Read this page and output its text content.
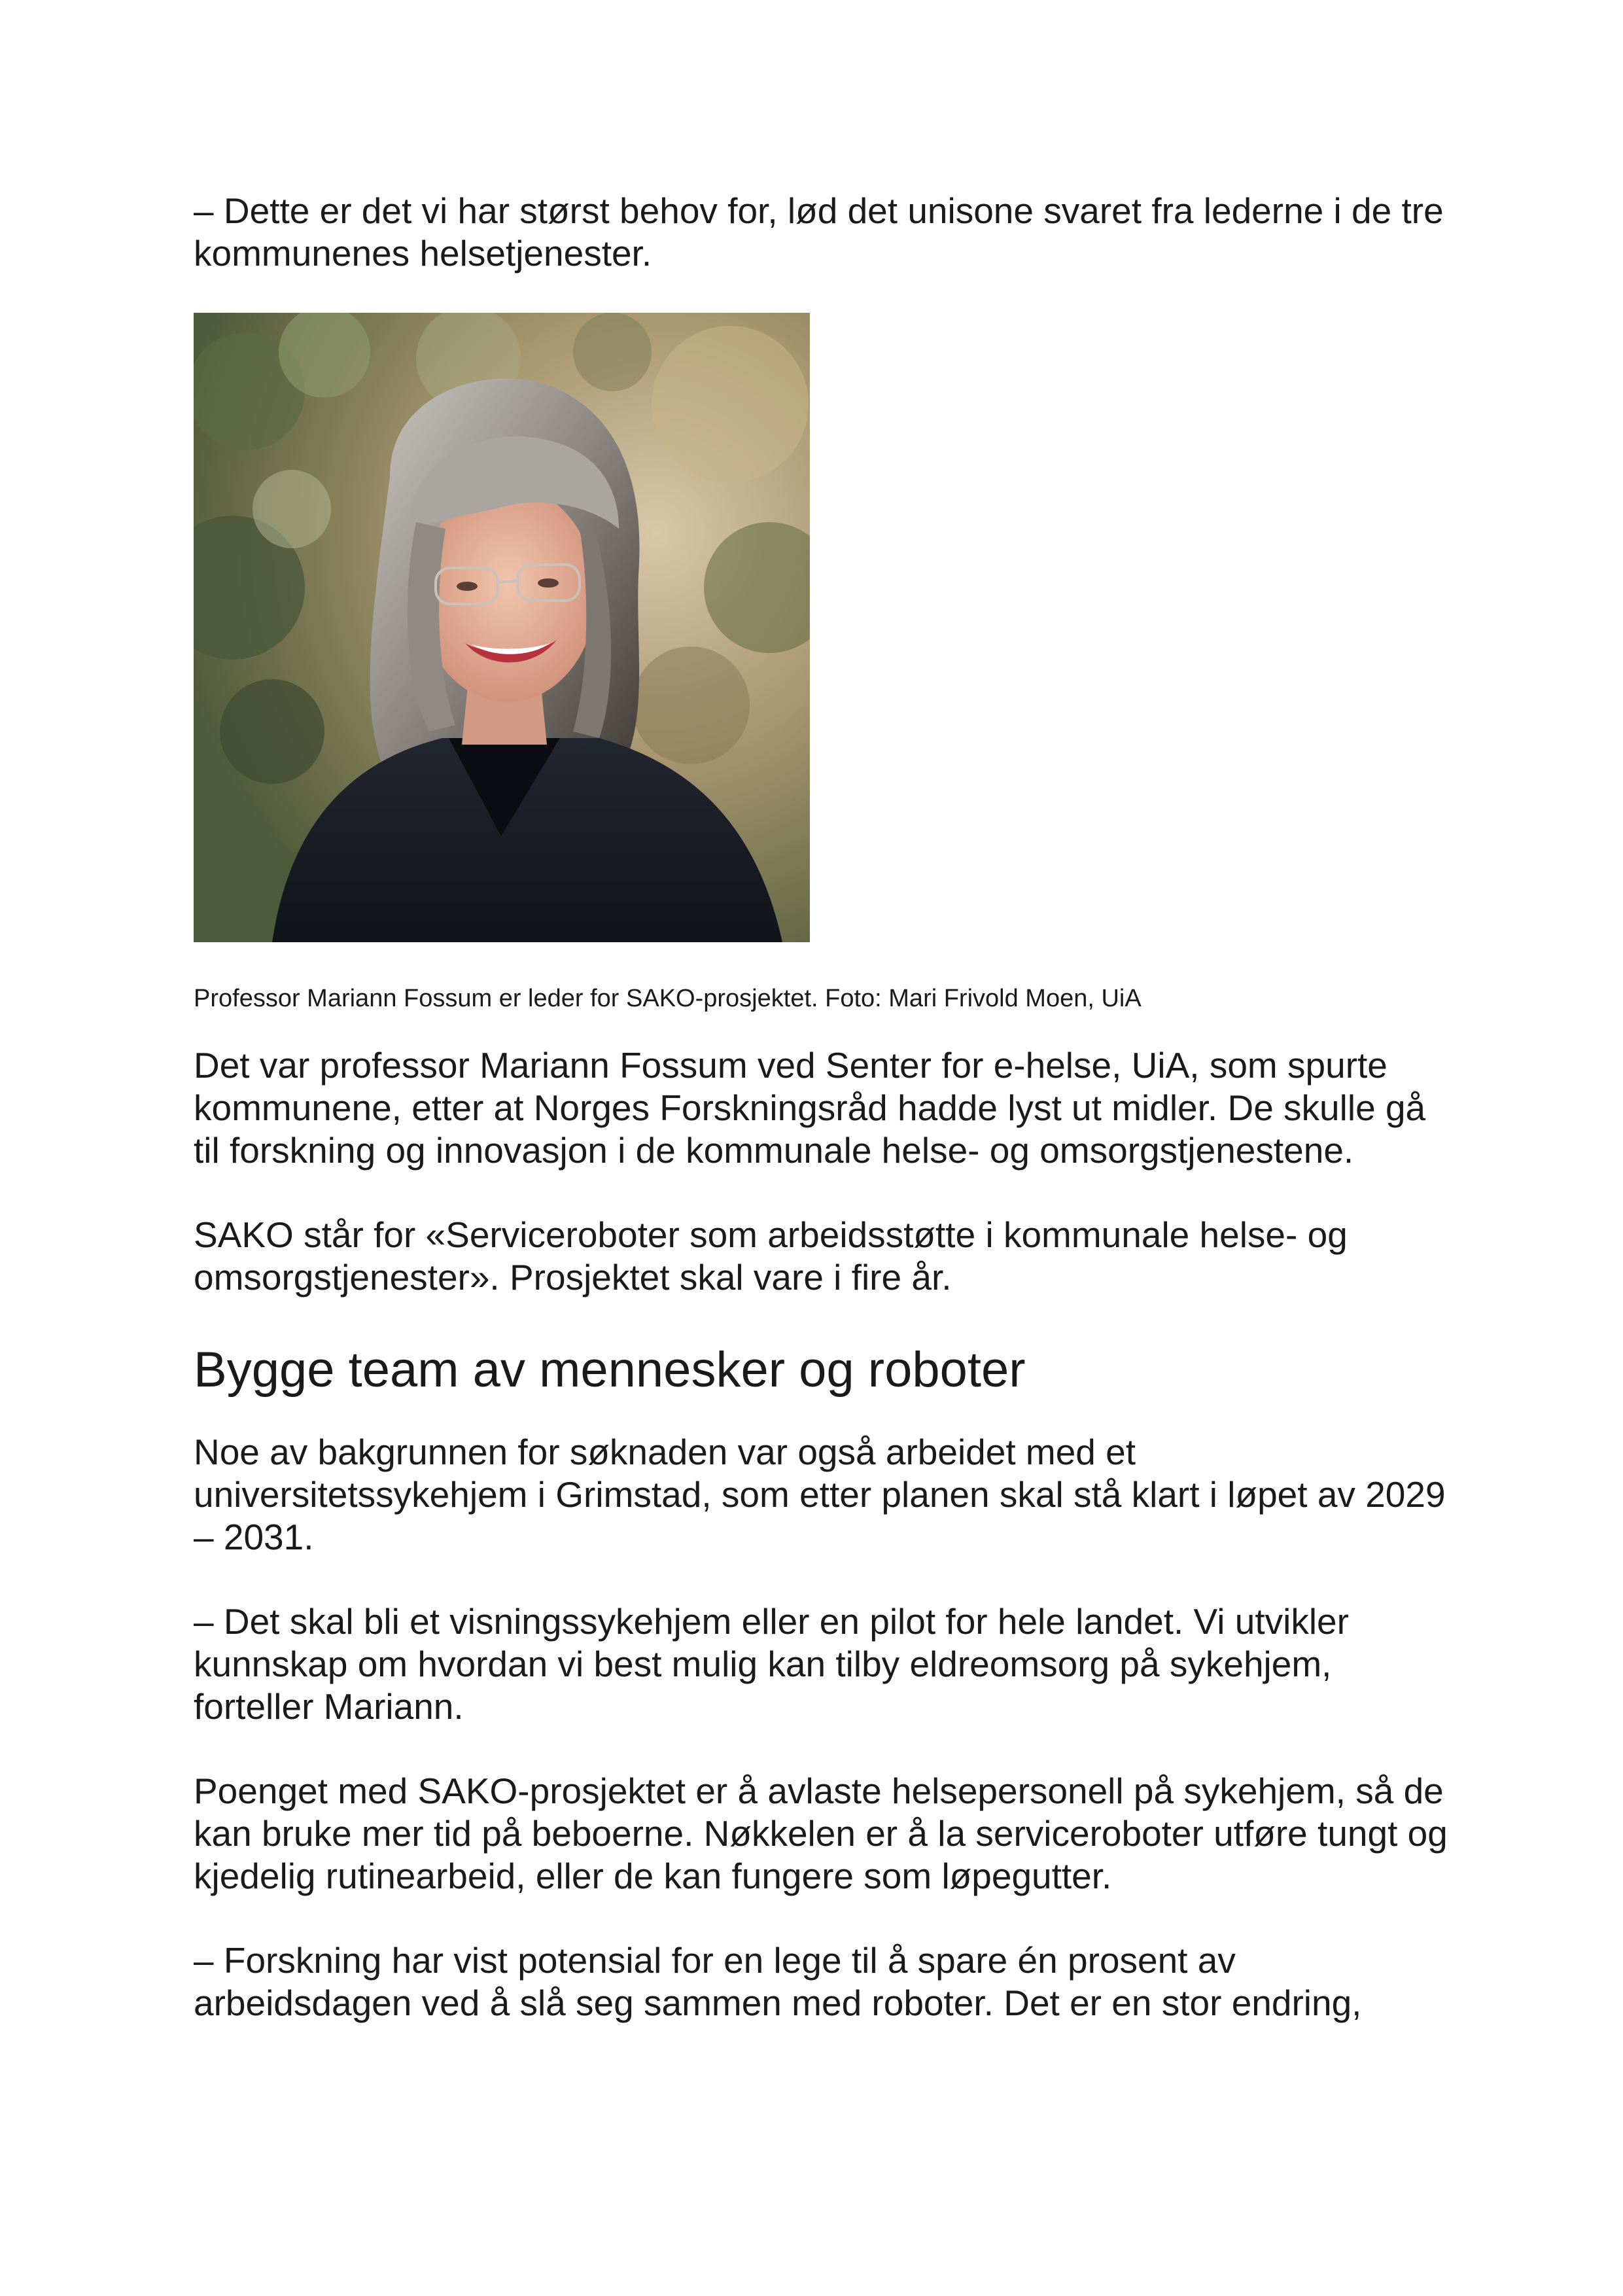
– Dette er det vi har størst behov for, lød det unisone svaret fra lederne i de tre kommunenes helsetjenester.

Professor Mariann Fossum er leder for SAKO-prosjektet. Foto: Mari Frivold Moen, UiA

Det var professor Mariann Fossum ved Senter for e-helse, UiA, som spurte kommunene, etter at Norges Forskningsråd hadde lyst ut midler. De skulle gå til forskning og innovasjon i de kommunale helse- og omsorgstjenestene.

SAKO står for «Serviceroboter som arbeidsstøtte i kommunale helse- og omsorgstjenester». Prosjektet skal vare i fire år.

Bygge team av mennesker og roboter

Noe av bakgrunnen for søknaden var også arbeidet med et universitetssykehjem i Grimstad, som etter planen skal stå klart i løpet av 2029 – 2031.

– Det skal bli et visningssykehjem eller en pilot for hele landet. Vi utvikler kunnskap om hvordan vi best mulig kan tilby eldreomsorg på sykehjem, forteller Mariann.

Poenget med SAKO-prosjektet er å avlaste helsepersonell på sykehjem, så de kan bruke mer tid på beboerne. Nøkkelen er å la serviceroboter utføre tungt og kjedelig rutinearbeid, eller de kan fungere som løpegutter.

– Forskning har vist potensial for en lege til å spare én prosent av arbeidsdagen ved å slå seg sammen med roboter. Det er en stor endring,
